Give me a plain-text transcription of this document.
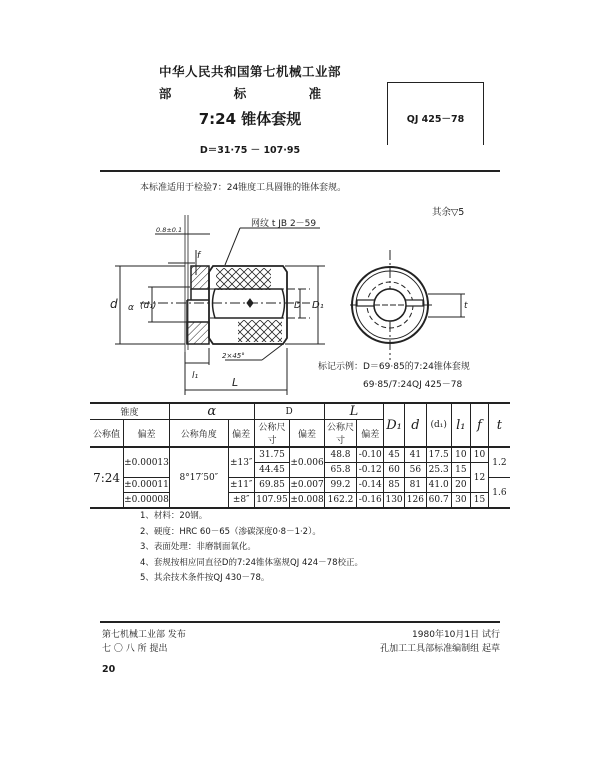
中华人民共和国第七机械工业部
部 标 准
7:24 锥体套规
D＝31·75 － 107·95
QJ 425－78
本标准适用于检验7：24锥度工具圆锥的锥体套规。
其余▽5
网纹 t JB 2－59
0.8±0.1
2×45°
d (d₁)
α	D D₁
l₁	L
t
f
标记示例：D＝69·85的7:24锥体套规
69·85/7:24QJ 425－78
锥度		α		D		L		D₁	d	(d₁)	l₁	f	t
公称值	偏差	公称角度	偏差	公称尺寸	偏差	公称尺寸	偏差						
7:24	±0.00013	8°17′50″	±13″	31.75	±0.006	48.8	-0.10	45	41	17.5	10	10	1.2
				44.45		65.8	-0.12	60	56	25.3	15	12	
	±0.00011		±11″	69.85	±0.007	99.2	-0.14	85	81	41.0	20		1.6
	±0.00008		±8″	107.95	±0.008	162.2	-0.16	130	126	60.7	30	15	
1、材料：20钢。
2、硬度：HRC 60－65（渗碳深度0·8－1·2）。
3、表面处理：非磨制面氧化。
4、套规按相应同直径D的7:24锥体塞规QJ 424－78校正。
5、其余技术条件按QJ 430－78。
第七机械工业部 发布
七 〇 八 所 提出
1980年10月1日 试行
孔加工工具部标准编制组 起草
20
